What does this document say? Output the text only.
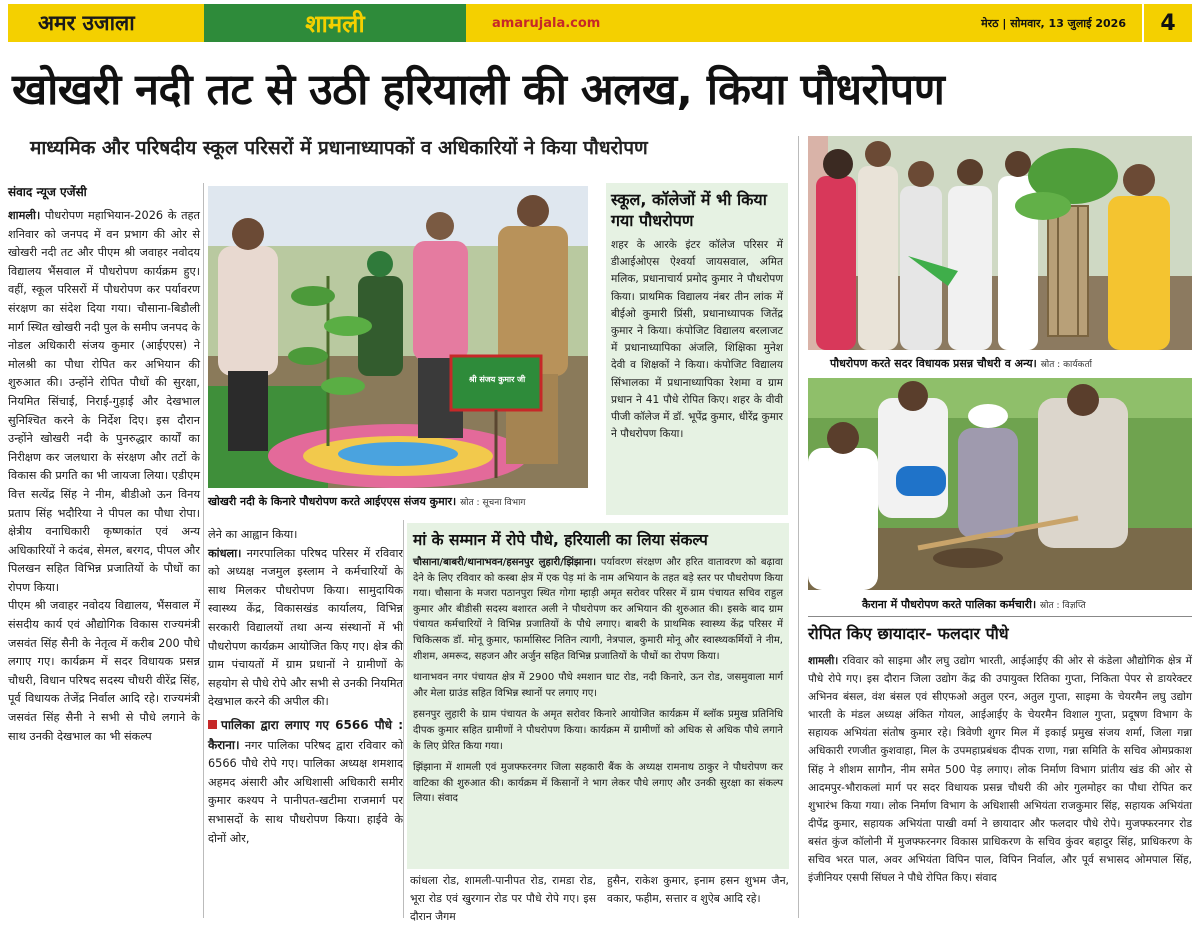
अमर उजाला	शामली	amarujala.com	मेरठ | सोमवार, 13 जुलाई 2026	4
खोखरी नदी तट से उठी हरियाली की अलख, किया पौधरोपण
माध्यमिक और परिषदीय स्कूल परिसरों में प्रधानाध्यापकों व अधिकारियों ने किया पौधरोपण
संवाद न्यूज एजेंसी
शामली। पौधरोपण महाभियान-2026 के तहत शनिवार को जनपद में वन प्रभाग की ओर से खोखरी नदी तट और पीएम श्री जवाहर नवोदय विद्यालय भैंसवाल में पौधरोपण कार्यक्रम हुए। वहीं, स्कूल परिसरों में पौधरोपण कर पर्यावरण संरक्षण का संदेश दिया गया। चौसाना-बिडौली मार्ग स्थित खोखरी नदी पुल के समीप जनपद के नोडल अधिकारी संजय कुमार (आईएएस) ने मोलश्री का पौधा रोपित कर अभियान की शुरुआत की। उन्होंने रोपित पौधों की सुरक्षा, नियमित सिंचाई, निराई-गुड़ाई और देखभाल सुनिश्चित करने के निर्देश दिए। इस दौरान उन्होंने खोखरी नदी के पुनरुद्धार कार्यों का निरीक्षण कर जलधारा के संरक्षण और तटों के विकास की प्रगति का भी जायजा लिया। एडीएम वित्त सत्येंद्र सिंह ने नीम, बीडीओ ऊन विनय प्रताप सिंह भदौरिया ने पीपल का पौधा रोपा। क्षेत्रीय वनाधिकारी कृष्णकांत एवं अन्य अधिकारियों ने कदंब, सेमल, बरगद, पीपल और पिलखन सहित विभिन्न प्रजातियों के पौधों का रोपण किया।
पीएम श्री जवाहर नवोदय विद्यालय, भैंसवाल में संसदीय कार्य एवं औद्योगिक विकास राज्यमंत्री जसवंत सिंह सैनी के नेतृत्व में करीब 200 पौधे लगाए गए। कार्यक्रम में सदर विधायक प्रसन्न चौधरी, विधान परिषद सदस्य चौधरी वीरेंद्र सिंह, पूर्व विधायक तेजेंद्र निर्वाल आदि रहे। राज्यमंत्री जसवंत सिंह सैनी ने सभी से पौधे लगाने के साथ उनकी देखभाल का भी संकल्प
श्री संजय कुमार जी
खोखरी नदी के किनारे पौधरोपण करते आईएएस संजय कुमार। स्रोत : सूचना विभाग
स्कूल, कॉलेजों में भी किया गया पौधरोपण
शहर के आरके इंटर कॉलेज परिसर में डीआईओएस ऐश्वर्या जायसवाल, अमित मलिक, प्रधानाचार्य प्रमोद कुमार ने पौधरोपण किया। प्राथमिक विद्यालय नंबर तीन लांक में बीईओ कुमारी प्रिंसी, प्रधानाध्यापक जितेंद्र कुमार ने किया। कंपोजिट विद्यालय बरलाजट में प्रधानाध्यापिका अंजलि, शिक्षिका मुनेश देवी व शिक्षकों ने किया। कंपोजिट विद्यालय सिंभालका में प्रधानाध्यापिका रेशमा व ग्राम प्रधान ने 41 पौधे रोपित किए। शहर के वीवी पीजी कॉलेज में डॉ. भूपेंद्र कुमार, धीरेंद्र कुमार ने पौधरोपण किया।
लेने का आह्वान किया।
कांधला। नगरपालिका परिषद परिसर में रविवार को अध्यक्ष नजमुल इस्लाम ने कर्मचारियों के साथ मिलकर पौधरोपण किया। सामुदायिक स्वास्थ्य केंद्र, विकासखंड कार्यालय, विभिन्न सरकारी विद्यालयों तथा अन्य संस्थानों में भी पौधरोपण कार्यक्रम आयोजित किए गए। क्षेत्र की ग्राम पंचायतों में ग्राम प्रधानों ने ग्रामीणों के सहयोग से पौधे रोपे और सभी से उनकी नियमित देखभाल करने की अपील की।
पालिका द्वारा लगाए गए 6566 पौधे : कैराना। नगर पालिका परिषद द्वारा रविवार को 6566 पौधे रोपे गए। पालिका अध्यक्ष शमशाद अहमद अंसारी और अधिशासी अधिकारी समीर कुमार कश्यप ने पानीपत-खटीमा राजमार्ग पर सभासदों के साथ पौधरोपण किया। हाईवे के दोनों ओर,
मां के सम्मान में रोपे पौधे, हरियाली का लिया संकल्प

चौसाना/बाबरी/थानाभवन/हसनपुर लुहारी/झिंझाना। पर्यावरण संरक्षण और हरित वातावरण को बढ़ावा देने के लिए रविवार को कस्बा क्षेत्र में एक पेड़ मां के नाम अभियान के तहत बड़े स्तर पर पौधरोपण किया गया। चौसाना के मजरा पठानपुरा स्थित गोगा म्हाड़ी अमृत सरोवर परिसर में ग्राम पंचायत सचिव राहुल कुमार और बीडीसी सदस्य बशारत अली ने पौधरोपण कर अभियान की शुरुआत की। इसके बाद ग्राम पंचायत कर्मचारियों ने विभिन्न प्रजातियों के पौधे लगाए। बाबरी के प्राथमिक स्वास्थ्य केंद्र परिसर में चिकित्सक डॉ. मोनू कुमार, फार्मासिस्ट नितिन त्यागी, नेत्रपाल, कुमारी मोनू और स्वास्थ्यकर्मियों ने नीम, शीशम, अमरूद, सहजन और अर्जुन सहित विभिन्न प्रजातियों के पौधों का रोपण किया।

थानाभवन नगर पंचायत क्षेत्र में 2900 पौधे श्मशान घाट रोड, नदी किनारे, ऊन रोड, जसमुवाला मार्ग और मेला ग्राउंड सहित विभिन्न स्थानों पर लगाए गए।

हसनपुर लुहारी के ग्राम पंचायत के अमृत सरोवर किनारे आयोजित कार्यक्रम में ब्लॉक प्रमुख प्रतिनिधि दीपक कुमार सहित ग्रामीणों ने पौधरोपण किया। कार्यक्रम में ग्रामीणों को अधिक से अधिक पौधे लगाने के लिए प्रेरित किया गया।

झिंझाना में शामली एवं मुजफ्फरनगर जिला सहकारी बैंक के अध्यक्ष रामनाथ ठाकुर ने पौधरोपण कर वाटिका की शुरुआत की। कार्यक्रम में किसानों ने भाग लेकर पौधे लगाए और उनकी सुरक्षा का संकल्प लिया। संवाद

कांधला रोड, शामली-पानीपत रोड, रामडा रोड, भूरा रोड एवं खुरगान रोड पर पौधे रोपे गए। इस दौरान जैगम
हुसैन, राकेश कुमार, इनाम हसन शुभम जैन, वकार, फहीम, सत्तार व शुऐब आदि रहे।
पौधरोपण करते सदर विधायक प्रसन्न चौधरी व अन्य। स्रोत : कार्यकर्ता
कैराना में पौधरोपण करते पालिका कर्मचारी। स्रोत : विज्ञप्ति
रोपित किए छायादार- फलदार पौधे
शामली। रविवार को साइमा और लघु उद्योग भारती, आईआईए की ओर से कंडेला औद्योगिक क्षेत्र में पौधे रोपे गए। इस दौरान जिला उद्योग केंद्र की उपायुक्त रितिका गुप्ता, निकिता पेपर से डायरेक्टर अभिनव बंसल, वंश बंसल एवं सीएफओ अतुल एरन, अतुल गुप्ता, साइमा के चेयरमैन लघु उद्योग भारती के मंडल अध्यक्ष अंकित गोयल, आईआईए के चेयरमैन विशाल गुप्ता, प्रदूषण विभाग के सहायक अभियंता संतोष कुमार रहे। त्रिवेणी शुगर मिल में इकाई प्रमुख संजय शर्मा, जिला गन्ना अधिकारी रणजीत कुशवाहा, मिल के उपमहाप्रबंधक दीपक राणा, गन्ना समिति के सचिव ओमप्रकाश सिंह ने शीशम सागौन, नीम समेत 500 पेड़ लगाए। लोक निर्माण विभाग प्रांतीय खंड की ओर से आदमपुर-भौराकलां मार्ग पर सदर विधायक प्रसन्न चौधरी की ओर गुलमोहर का पौधा रोपित कर शुभारंभ किया गया। लोक निर्माण विभाग के अधिशासी अभियंता राजकुमार सिंह, सहायक अभियंता दीपेंद्र कुमार, सहायक अभियंता पाखी वर्मा ने छायादार और फलदार पौधे रोपे। मुजफ्फरनगर रोड बसंत कुंज कॉलोनी में मुजफ्फरनगर विकास प्राधिकरण के सचिव कुंवर बहादुर सिंह, प्राधिकरण के सचिव भरत पाल, अवर अभियंता विपिन पाल, विपिन निर्वाल, और पूर्व सभासद ओमपाल सिंह, इंजीनियर एसपी सिंघल ने पौधे रोपित किए। संवाद
